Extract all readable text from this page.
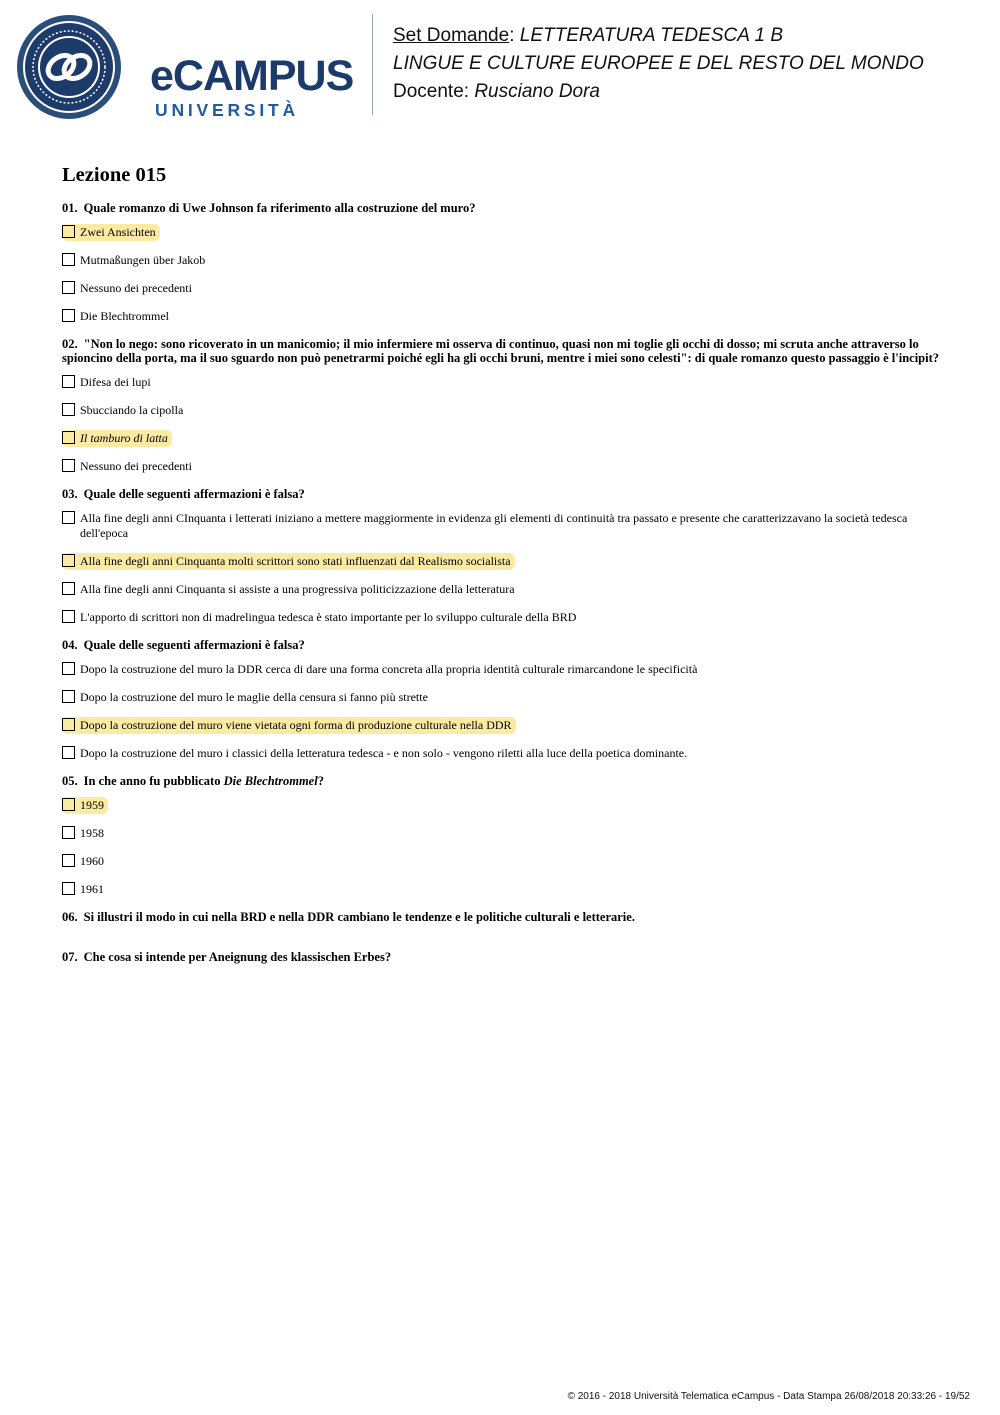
eCAMPUS
UNIVERSITÀ
Set Domande: LETTERATURA TEDESCA 1 B
LINGUE E CULTURE EUROPEE E DEL RESTO DEL MONDO
Docente: Rusciano Dora
Lezione 015
01. Quale romanzo di Uwe Johnson fa riferimento alla costruzione del muro?
Zwei Ansichten
Mutmaßungen über Jakob
Nessuno dei precedenti
Die Blechtrommel
02. "Non lo nego: sono ricoverato in un manicomio; il mio infermiere mi osserva di continuo, quasi non mi toglie gli occhi di dosso; mi scruta anche attraverso lo spioncino della porta, ma il suo sguardo non può penetrarmi poiché egli ha gli occhi bruni, mentre i miei sono celesti": di quale romanzo questo passaggio è l'incipit?
Difesa dei lupi
Sbucciando la cipolla
Il tamburo di latta
Nessuno dei precedenti
03. Quale delle seguenti affermazioni è falsa?
Alla fine degli anni CInquanta i letterati iniziano a mettere maggiormente in evidenza gli elementi di continuità tra passato e presente che caratterizzavano la società tedesca dell'epoca
Alla fine degli anni Cinquanta molti scrittori sono stati influenzati dal Realismo socialista
Alla fine degli anni Cinquanta si assiste a una progressiva politicizzazione della letteratura
L'apporto di scrittori non di madrelingua tedesca è stato importante per lo sviluppo culturale della BRD
04. Quale delle seguenti affermazioni è falsa?
Dopo la costruzione del muro la DDR cerca di dare una forma concreta alla propria identità culturale rimarcandone le specificità
Dopo la costruzione del muro le maglie della censura si fanno più strette
Dopo la costruzione del muro viene vietata ogni forma di produzione culturale nella DDR
Dopo la costruzione del muro i classici della letteratura tedesca - e non solo - vengono riletti alla luce della poetica dominante.
05. In che anno fu pubblicato Die Blechtrommel?
1959
1958
1960
1961
06. Si illustri il modo in cui nella BRD e nella DDR cambiano le tendenze e le politiche culturali e letterarie.
07. Che cosa si intende per Aneignung des klassischen Erbes?
© 2016 - 2018 Università Telematica eCampus - Data Stampa 26/08/2018 20:33:26 - 19/52
